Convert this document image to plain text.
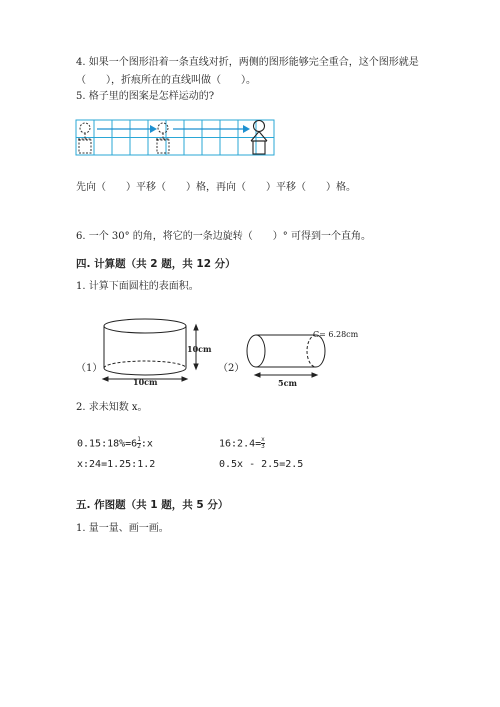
4. 如果一个图形沿着一条直线对折，两侧的图形能够完全重合，这个图形就是
（　　），折痕所在的直线叫做（　　）。
5. 格子里的图案是怎样运动的?
先向（　　）平移（　　）格，再向（　　）平移（　　）格。
6. 一个 30° 的角，将它的一条边旋转（　　）° 可得到一个直角。
四. 计算题（共 2 题，共 12 分）
1. 计算下面圆柱的表面积。
（1）
10cm
10cm
（2）
C= 6.28cm
5cm
2. 求未知数 x。
0.15:18%=6 $\frac{1}{2}$ :x	16:2.4= $\frac{x}{3}$
x:24=1.25:1.2	0.5x - 2.5=2.5
五. 作图题（共 1 题，共 5 分）
1. 量一量、画一画。
